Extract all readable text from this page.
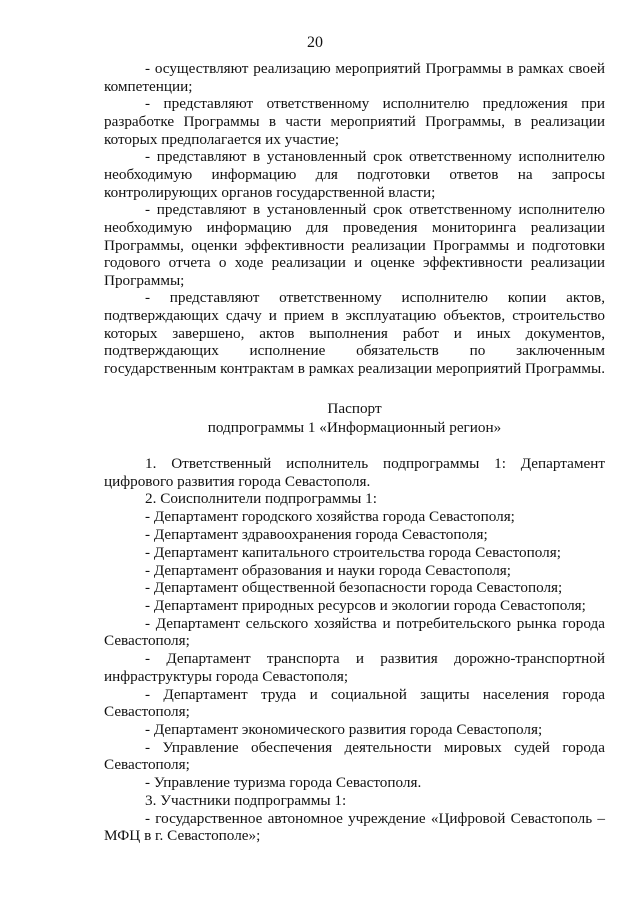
20

- осуществляют реализацию мероприятий Программы в рамках своей компетенции;

- представляют ответственному исполнителю предложения при разработке Программы в части мероприятий Программы, в реализации которых предполагается их участие;

- представляют в установленный срок ответственному исполнителю необходимую информацию для подготовки ответов на запросы контролирующих органов государственной власти;

- представляют в установленный срок ответственному исполнителю необходимую информацию для проведения мониторинга реализации Программы, оценки эффективности реализации Программы и подготовки годового отчета о ходе реализации и оценке эффективности реализации Программы;

- представляют ответственному исполнителю копии актов, подтверждающих сдачу и прием в эксплуатацию объектов, строительство которых завершено, актов выполнения работ и иных документов, подтверждающих исполнение обязательств по заключенным государственным контрактам в рамках реализации мероприятий Программы.

Паспорт
подпрограммы 1 «Информационный регион»

1. Ответственный исполнитель подпрограммы 1: Департамент цифрового развития города Севастополя.

2. Соисполнители подпрограммы 1:

- Департамент городского хозяйства города Севастополя;

- Департамент здравоохранения города Севастополя;

- Департамент капитального строительства города Севастополя;

- Департамент образования и науки города Севастополя;

- Департамент общественной безопасности города Севастополя;

- Департамент природных ресурсов и экологии города Севастополя;

- Департамент сельского хозяйства и потребительского рынка города Севастополя;

- Департамент транспорта и развития дорожно-транспортной инфраструктуры города Севастополя;

- Департамент труда и социальной защиты населения города Севастополя;

- Департамент экономического развития города Севастополя;

- Управление обеспечения деятельности мировых судей города Севастополя;

- Управление туризма города Севастополя.

3. Участники подпрограммы 1:

- государственное автономное учреждение «Цифровой Севастополь – МФЦ в г. Севастополе»;
